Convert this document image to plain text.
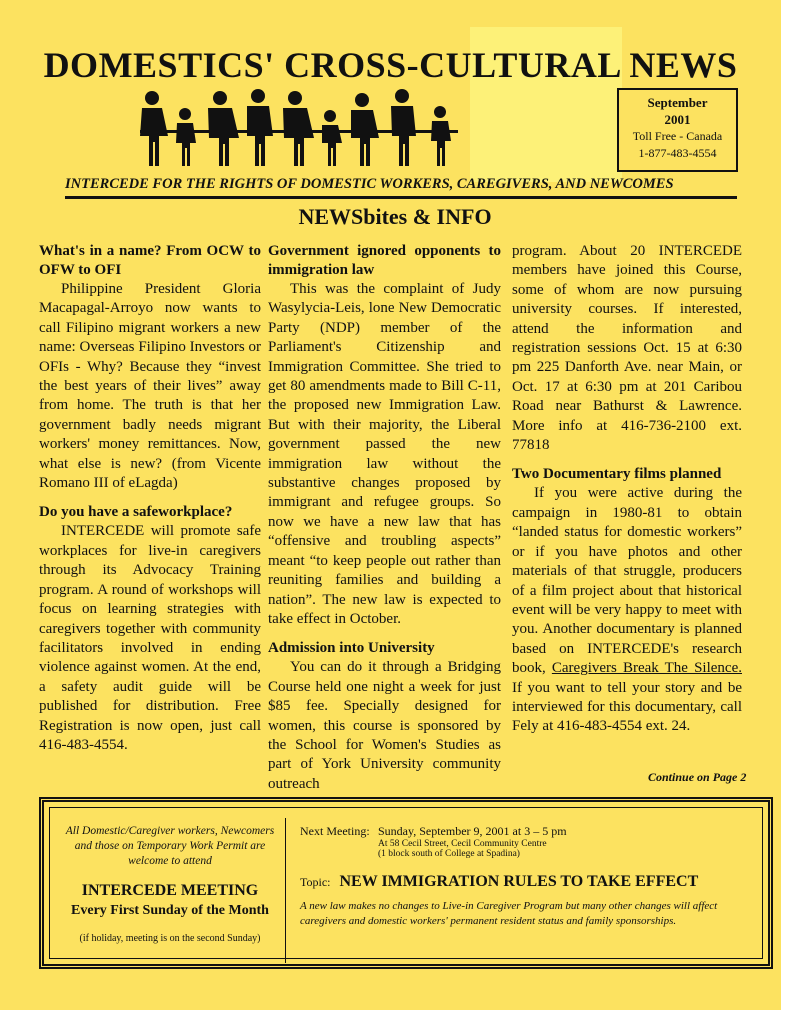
DOMESTICS' CROSS-CULTURAL NEWS
September
2001
Toll Free - Canada
1-877-483-4554
INTERCEDE FOR THE RIGHTS OF DOMESTIC WORKERS, CAREGIVERS, AND NEWCOMES
NEWSbites & INFO
What's in a name? From OCW to OFW to OFI

Philippine President Gloria Macapagal-Arroyo now wants to call Filipino migrant workers a new name: Overseas Filipino Investors or OFIs - Why? Because they “invest the best years of their lives” away from home. The truth is that her government badly needs migrant workers' money remittances. Now, what else is new? (from Vicente Romano III of eLagda)

Do you have a safeworkplace?

INTERCEDE will promote safe workplaces for live-in caregivers through its Advocacy Training program. A round of workshops will focus on learning strategies with caregivers together with community facilitators involved in ending violence against women. At the end, a safety audit guide will be published for distribution. Free Registration is now open, just call 416-483-4554.

Government ignored opponents to immigration law

This was the complaint of Judy Wasylycia-Leis, lone New Democratic Party (NDP) member of the Parliament's Citizenship and Immigration Committee. She tried to get 80 amendments made to Bill C-11, the proposed new Immigration Law. But with their majority, the Liberal government passed the new immigration law without the substantive changes proposed by immigrant and refugee groups. So now we have a new law that has “offensive and troubling aspects” meant “to keep people out rather than reuniting families and building a nation”. The new law is expected to take effect in October.

Admission into University

You can do it through a Bridging Course held one night a week for just $85 fee. Specially designed for women, this course is sponsored by the School for Women's Studies as part of York University community outreach

program. About 20 INTERCEDE members have joined this Course, some of whom are now pursuing university courses. If interested, attend the information and registration sessions Oct. 15 at 6:30 pm 225 Danforth Ave. near Main, or Oct. 17 at 6:30 pm at 201 Caribou Road near Bathurst & Lawrence. More info at 416-736-2100 ext. 77818

Two Documentary films planned

If you were active during the campaign in 1980-81 to obtain “landed status for domestic workers” or if you have photos and other materials of that struggle, producers of a film project about that historical event will be very happy to meet with you. Another documentary is planned based on INTERCEDE's research book, Caregivers Break The Silence. If you want to tell your story and be interviewed for this documentary, call Fely at 416-483-4554 ext. 24.

Continue on Page 2
All Domestic/Caregiver workers, Newcomers and those on Temporary Work Permit are welcome to attend
INTERCEDE MEETING
Every First Sunday of the Month
(if holiday, meeting is on the second Sunday)
Next Meeting: Sunday, September 9, 2001 at 3 – 5 pm
At 58 Cecil Street, Cecil Community Centre
(1 block south of College at Spadina)
Topic: NEW IMMIGRATION RULES TO TAKE EFFECT
A new law makes no changes to Live-in Caregiver Program but many other changes will affect caregivers and domestic workers' permanent resident status and family sponsorships.
